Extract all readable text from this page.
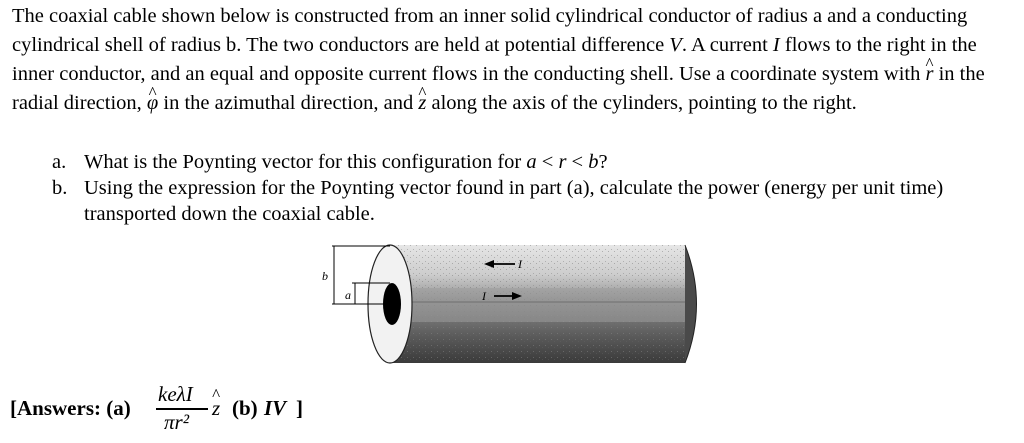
The coaxial cable shown below is constructed from an inner solid cylindrical conductor of radius a and a conducting cylindrical shell of radius b. The two conductors are held at potential difference V. A current I flows to the right in the inner conductor, and an equal and opposite current flows in the conducting shell. Use a coordinate system with ^ r in the radial direction, ^ φ in the azimuthal direction, and ^ z along the axis of the cylinders, pointing to the right.

a. What is the Poynting vector for this configuration for a < r < b?
b. Using the expression for the Poynting vector found in part (a), calculate the power (energy per unit time) transported down the coaxial cable.
b
a
I
I
[Answers: (a)
keλI
πr²
^ z (b) IV ]
